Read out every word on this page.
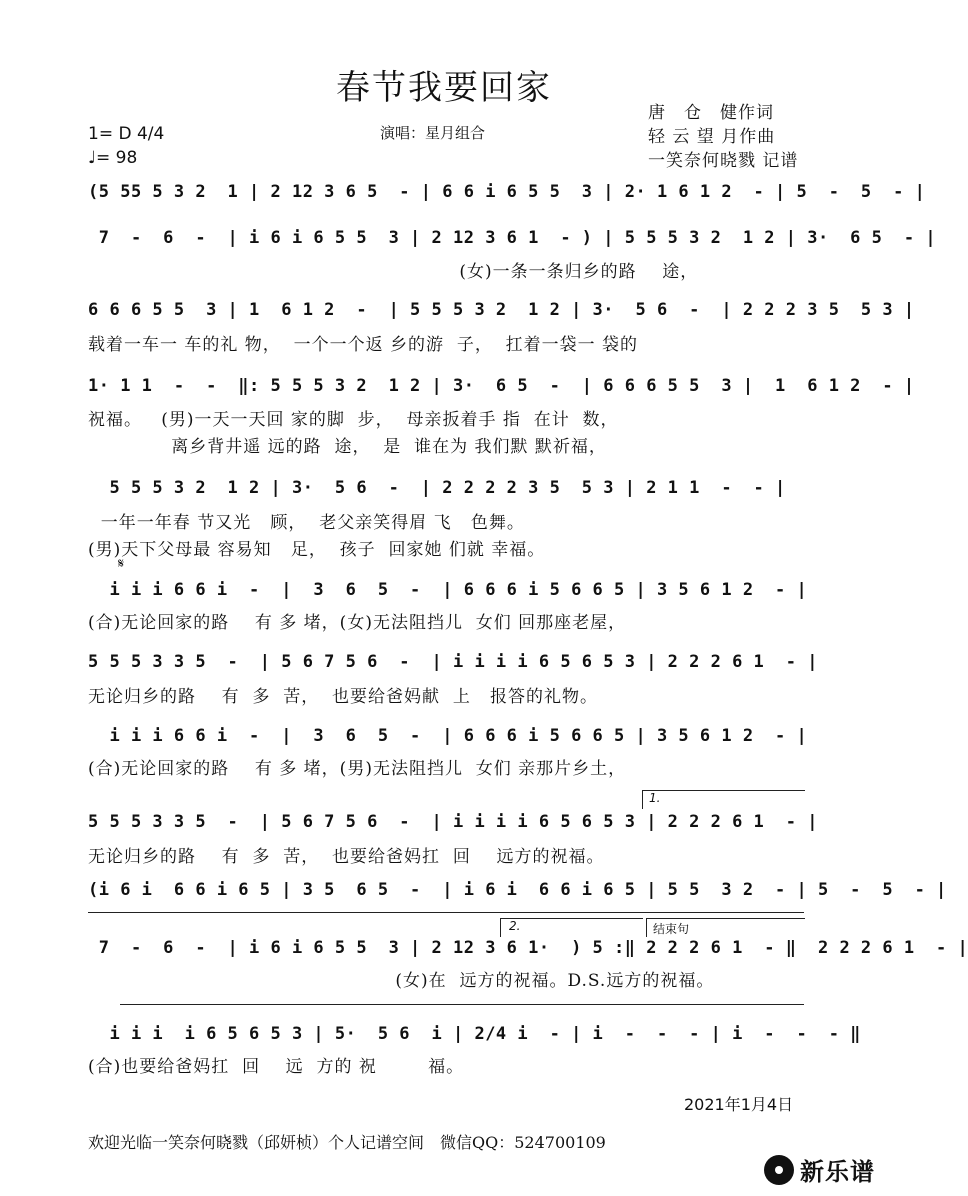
春节我要回家
唐　仓　健作词
轻 云 望 月作曲
一笑奈何晓戮 记谱
1= D 4/4
♩= 98
演唱：星月组合
(5 55 5 3 2  1 | 2 12 3 6 5  - | 6 6 i 6 5 5  3 | 2· 1 6 1 2  - | 5  -  5  - |
7  -  6  -  | i 6 i 6 5 5  3 | 2 12 3 6 1  - ) | 5 5 5 3 2  1 2 | 3·  6 5  - |
(女)一条一条归乡的路    途，
6 6 6 5 5  3 | 1  6 1 2  -  | 5 5 5 3 2  1 2 | 3·  5 6  -  | 2 2 2 3 5  5 3 |
载着一车一 车的礼 物，  一个一个返 乡的游  子，  扛着一袋一 袋的
1· 1 1  -  -  ‖: 5 5 5 3 2  1 2 | 3·  6 5  -  | 6 6 6 5 5  3 |  1  6 1 2  - |
祝福。   (男)一天一天回 家的脚  步，  母亲扳着手 指  在计  数，
离乡背井遥 远的路  途，  是  谁在为 我们默 默祈福，
5 5 5 3 2  1 2 | 3·  5 6  -  | 2 2 2 2 3 5  5 3 | 2 1 1  -  - |
一年一年春 节又光   顾，  老父亲笑得眉 飞   色舞。
(男)天下父母最 容易知   足，  孩子  回家她 们就 幸福。
𝄋
i i i 6 6 i  -  |  3  6  5  -  | 6 6 6 i 5 6 6 5 | 3 5 6 1 2  - |
(合)无论回家的路    有 多 堵，(女)无法阻挡儿  女们 回那座老屋，
5 5 5 3 3 5  -  | 5 6 7 5 6  -  | i i i i 6 5 6 5 3 | 2 2 2 6 1  - |
无论归乡的路    有  多  苦，  也要给爸妈献  上   报答的礼物。
i i i 6 6 i  -  |  3  6  5  -  | 6 6 6 i 5 6 6 5 | 3 5 6 1 2  - |
(合)无论回家的路    有 多 堵，(男)无法阻挡儿  女们 亲那片乡土，
1.
5 5 5 3 3 5  -  | 5 6 7 5 6  -  | i i i i 6 5 6 5 3 | 2 2 2 6 1  - |
无论归乡的路    有  多  苦，  也要给爸妈扛  回    远方的祝福。
(i 6 i  6 6 i 6 5 | 3 5  6 5  -  | i 6 i  6 6 i 6 5 | 5 5  3 2  - | 5  -  5  - |
2.	结束句
7  -  6  -  | i 6 i 6 5 5  3 | 2 12 3 6 1·  ) 5 :‖ 2 2 2 6 1  - ‖  2 2 2 6 1  - |
(女)在  远方的祝福。D.S.远方的祝福。
i i i  i 6 5 6 5 3 | 5·  5 6  i | 2/4 i  - | i  -  -  - | i  -  -  - ‖
(合)也要给爸妈扛  回    远  方的 祝        福。
2021年1月4日
欢迎光临一笑奈何晓戮（邱妍桢）个人记谱空间　微信QQ：524700109
新乐谱
